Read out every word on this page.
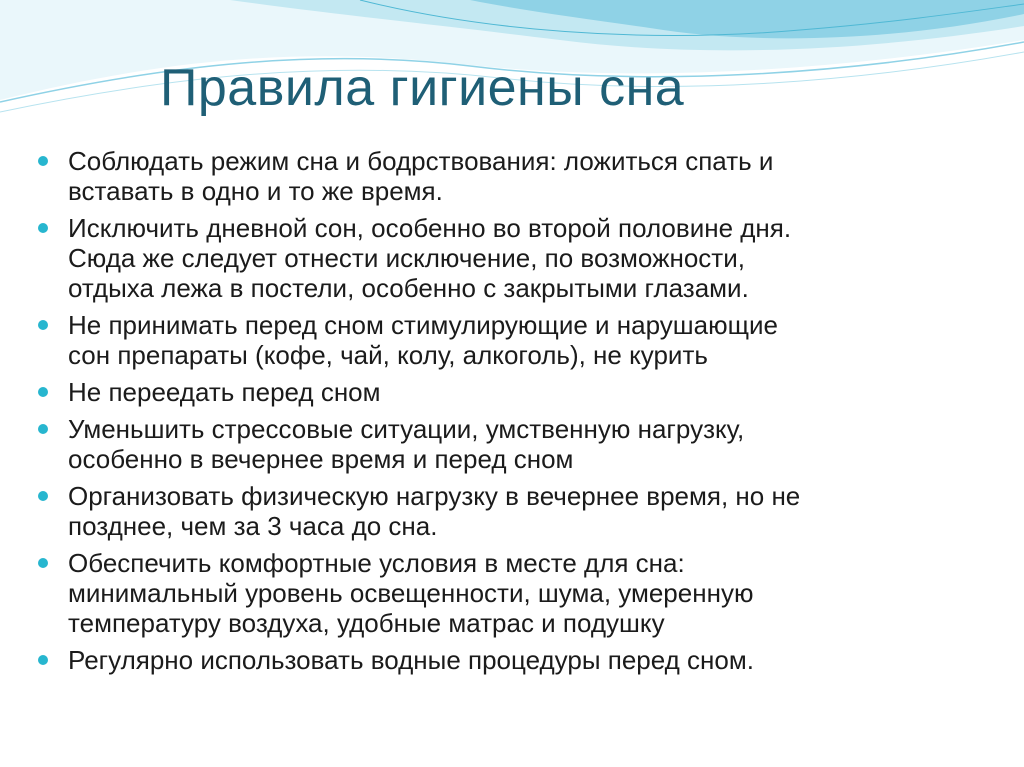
Правила гигиены сна
Соблюдать режим сна и бодрствования: ложиться спать и
вставать в одно и то же время.
Исключить дневной сон, особенно во второй половине дня.
Сюда же следует отнести исключение, по возможности,
отдыха лежа в постели, особенно с закрытыми глазами.
Не принимать перед сном стимулирующие и нарушающие
сон препараты (кофе, чай, колу, алкоголь), не курить
Не переедать перед сном
Уменьшить стрессовые ситуации, умственную нагрузку,
особенно в вечернее время и перед сном
Организовать физическую нагрузку в вечернее время, но не
позднее, чем за 3 часа до сна.
Обеспечить комфортные условия в месте для сна:
минимальный уровень освещенности, шума, умеренную
температуру воздуха, удобные матрас и подушку
Регулярно использовать водные процедуры перед сном.
